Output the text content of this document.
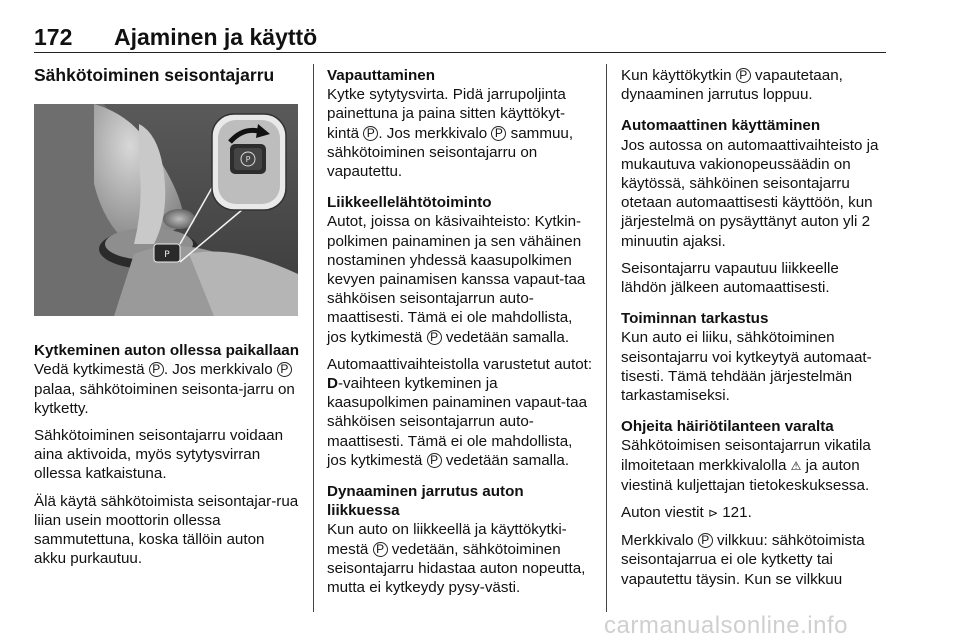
172 Ajaminen ja käyttö
Sähkötoiminen seisontajarru
P
P
Kytkeminen auton ollessa paikallaan

Vedä kytkimestä P . Jos merkkivalo P palaa, sähkötoiminen seisonta-jarru on kytketty.

Sähkötoiminen seisontajarru voidaan aina aktivoida, myös sytytysvirran ollessa katkaistuna.

Älä käytä sähkötoimista seisontajar-rua liian usein moottorin ollessa sammutettuna, koska tällöin auton akku purkautuu.

Vapauttaminen

Kytke sytytysvirta. Pidä jarrupoljinta painettuna ja paina sitten käyttökyt-kintä P . Jos merkkivalo P sammuu, sähkötoiminen seisontajarru on vapautettu.

Liikkeellelähtötoiminto

Autot, joissa on käsivaihteisto: Kytkin-polkimen painaminen ja sen vähäinen nostaminen yhdessä kaasupolkimen kevyen painamisen kanssa vapaut-taa sähköisen seisontajarrun auto-maattisesti. Tämä ei ole mahdollista, jos kytkimestä P vedetään samalla.

Automaattivaihteistolla varustetut autot: D-vaihteen kytkeminen ja kaasupolkimen painaminen vapaut-taa sähköisen seisontajarrun auto-maattisesti. Tämä ei ole mahdollista, jos kytkimestä P vedetään samalla.

Dynaaminen jarrutus auton liikkuessa

Kun auto on liikkeellä ja käyttökytki-mestä P vedetään, sähkötoiminen seisontajarru hidastaa auton nopeutta, mutta ei kytkeydy pysy-västi.

Kun käyttökytkin P vapautetaan, dynaaminen jarrutus loppuu.

Automaattinen käyttäminen

Jos autossa on automaattivaihteisto ja mukautuva vakionopeussäädin on käytössä, sähköinen seisontajarru otetaan automaattisesti käyttöön, kun järjestelmä on pysäyttänyt auton yli 2 minuutin ajaksi.

Seisontajarru vapautuu liikkeelle lähdön jälkeen automaattisesti.

Toiminnan tarkastus

Kun auto ei liiku, sähkötoiminen seisontajarru voi kytkeytyä automaat-tisesti. Tämä tehdään järjestelmän tarkastamiseksi.

Ohjeita häiriötilanteen varalta

Sähkötoimisen seisontajarrun vikatila ilmoitetaan merkkivalolla ⚠ ja auton viestinä kuljettajan tietokeskuksessa.

Auton viestit ⊳ 121.

Merkkivalo P vilkkuu: sähkötoimista seisontajarrua ei ole kytketty tai vapautettu täysin. Kun se vilkkuu

carmanualsonline.info
